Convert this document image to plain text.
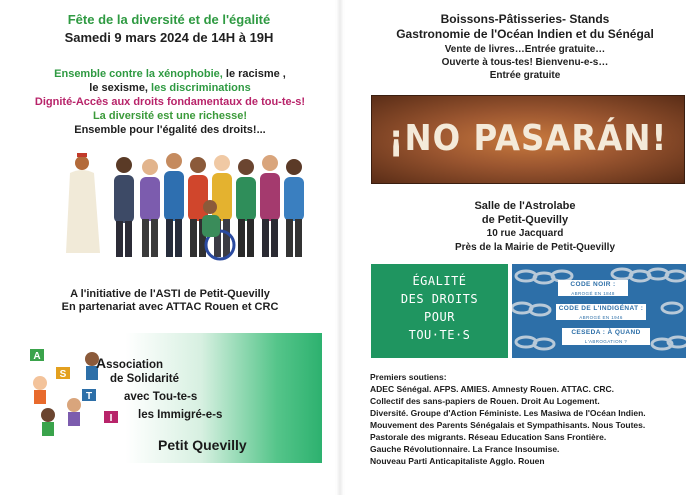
Fête de la diversité et de l'égalité
Samedi 9 mars 2024 de 14H à 19H
Ensemble contre la xénophobie, le racisme ,
le sexisme, les discriminations
Dignité-Accès aux droits fondamentaux de tou-te-s!
La diversité est une richesse!
Ensemble pour l'égalité des droits!...
A l'initiative de l'ASTI de Petit-Quevilly
En partenariat avec ATTAC Rouen et CRC
A
S
T
I
Association
de Solidarité
avec Tou-te-s
les Immigré-e-s
Petit Quevilly
Boissons-Pâtisseries- Stands
Gastronomie de l'Océan Indien et du Sénégal
Vente de livres…Entrée gratuite…
Ouverte à tous-tes! Bienvenu-e-s…
Entrée gratuite
¡NO PASARÁN!
Salle de l'Astrolabe
de Petit-Quevilly
10 rue Jacquard
Près de la Mairie de Petit-Quevilly
ÉGALITÉ
DES DROITS
POUR
TOU·TE·S
CODE NOIR :
ABROGÉ EN 1848
CODE DE L'INDIGÉNAT :
ABROGÉ EN 1946
CESEDA : À QUAND
L'ABROGATION ?
Premiers soutiens:
ADEC Sénégal. AFPS. AMIES. Amnesty Rouen. ATTAC. CRC.
Collectif des sans-papiers de Rouen. Droit Au Logement.
Diversité. Groupe d'Action Féministe. Les Masiwa de l'Océan Indien.
Mouvement des Parents Sénégalais et Sympathisants. Nous Toutes.
Pastorale des migrants. Réseau Education Sans Frontière.
Gauche Révolutionnaire. La France Insoumise.
Nouveau Parti Anticapitaliste Agglo. Rouen
